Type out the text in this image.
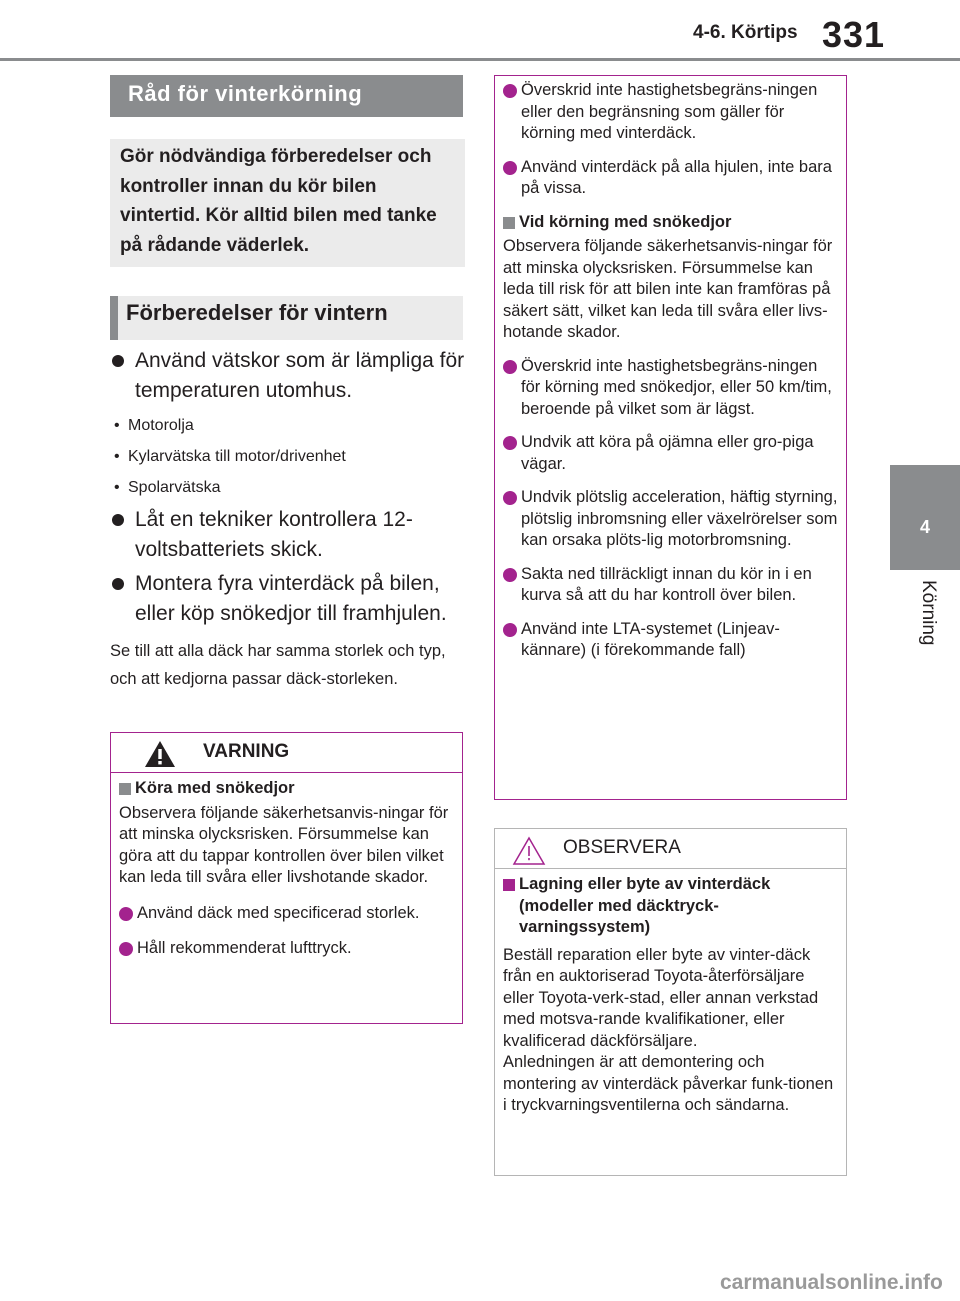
4-6. Körtips 331
4
Körning
Råd för vinterkörning
Gör nödvändiga förberedelser och kontroller innan du kör bilen vintertid. Kör alltid bilen med tanke på rådande väderlek.
Förberedelser för vintern
Använd vätskor som är lämpliga för temperaturen utomhus.
• Motorolja
• Kylarvätska till motor/drivenhet
• Spolarvätska
Låt en tekniker kontrollera 12-voltsbatteriets skick.
Montera fyra vinterdäck på bilen, eller köp snökedjor till framhjulen.
Se till att alla däck har samma storlek och typ, och att kedjorna passar däck-storleken.
VARNING
Köra med snökedjor
Observera följande säkerhetsanvis-ningar för att minska olycksrisken. Försummelse kan göra att du tappar kontrollen över bilen vilket kan leda till svåra eller livshotande skador.
Använd däck med specificerad storlek.
Håll rekommenderat lufttryck.
Överskrid inte hastighetsbegräns-ningen eller den begränsning som gäller för körning med vinterdäck.
Använd vinterdäck på alla hjulen, inte bara på vissa.
Vid körning med snökedjor
Observera följande säkerhetsanvis-ningar för att minska olycksrisken. Försummelse kan leda till risk för att bilen inte kan framföras på säkert sätt, vilket kan leda till svåra eller livs-hotande skador.
Överskrid inte hastighetsbegräns-ningen för körning med snökedjor, eller 50 km/tim, beroende på vilket som är lägst.
Undvik att köra på ojämna eller gro-piga vägar.
Undvik plötslig acceleration, häftig styrning, plötslig inbromsning eller växelrörelser som kan orsaka plöts-lig motorbromsning.
Sakta ned tillräckligt innan du kör in i en kurva så att du har kontroll över bilen.
Använd inte LTA-systemet (Linjeav-kännare) (i förekommande fall)
OBSERVERA
Lagning eller byte av vinterdäck (modeller med däcktryck-varningssystem)
Beställ reparation eller byte av vinter-däck från en auktoriserad Toyota-återförsäljare eller Toyota-verk-stad, eller annan verkstad med motsva-rande kvalifikationer, eller kvalificerad däckförsäljare.
Anledningen är att demontering och montering av vinterdäck påverkar funk-tionen i tryckvarningsventilerna och sändarna.
carmanualsonline.info
